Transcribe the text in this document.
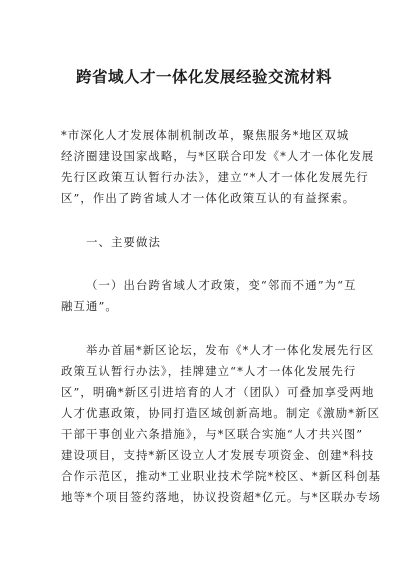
跨省域人才一体化发展经验交流材料
*市深化人才发展体制机制改革，聚焦服务*地区双城
经济圈建设国家战略，与*区联合印发《*人才一体化发展
先行区政策互认暂行办法》，建立“*人才一体化发展先行
区”，作出了跨省域人才一体化政策互认的有益探索。
一、主要做法
（一）出台跨省域人才政策，变“邻而不通”为“互
融互通”。
举办首届*新区论坛，发布《*人才一体化发展先行区
政策互认暂行办法》，挂牌建立“*人才一体化发展先行
区”，明确*新区引进培育的人才（团队）可叠加享受两地
人才优惠政策，协同打造区域创新高地。制定《激励*新区
干部干事创业六条措施》，与*区联合实施“人才共兴图”
建设项目，支持*新区设立人才发展专项资金、创建*科技
合作示范区，推动*工业职业技术学院*校区、*新区科创基
地等*个项目签约落地，协议投资超*亿元。与*区联办专场
